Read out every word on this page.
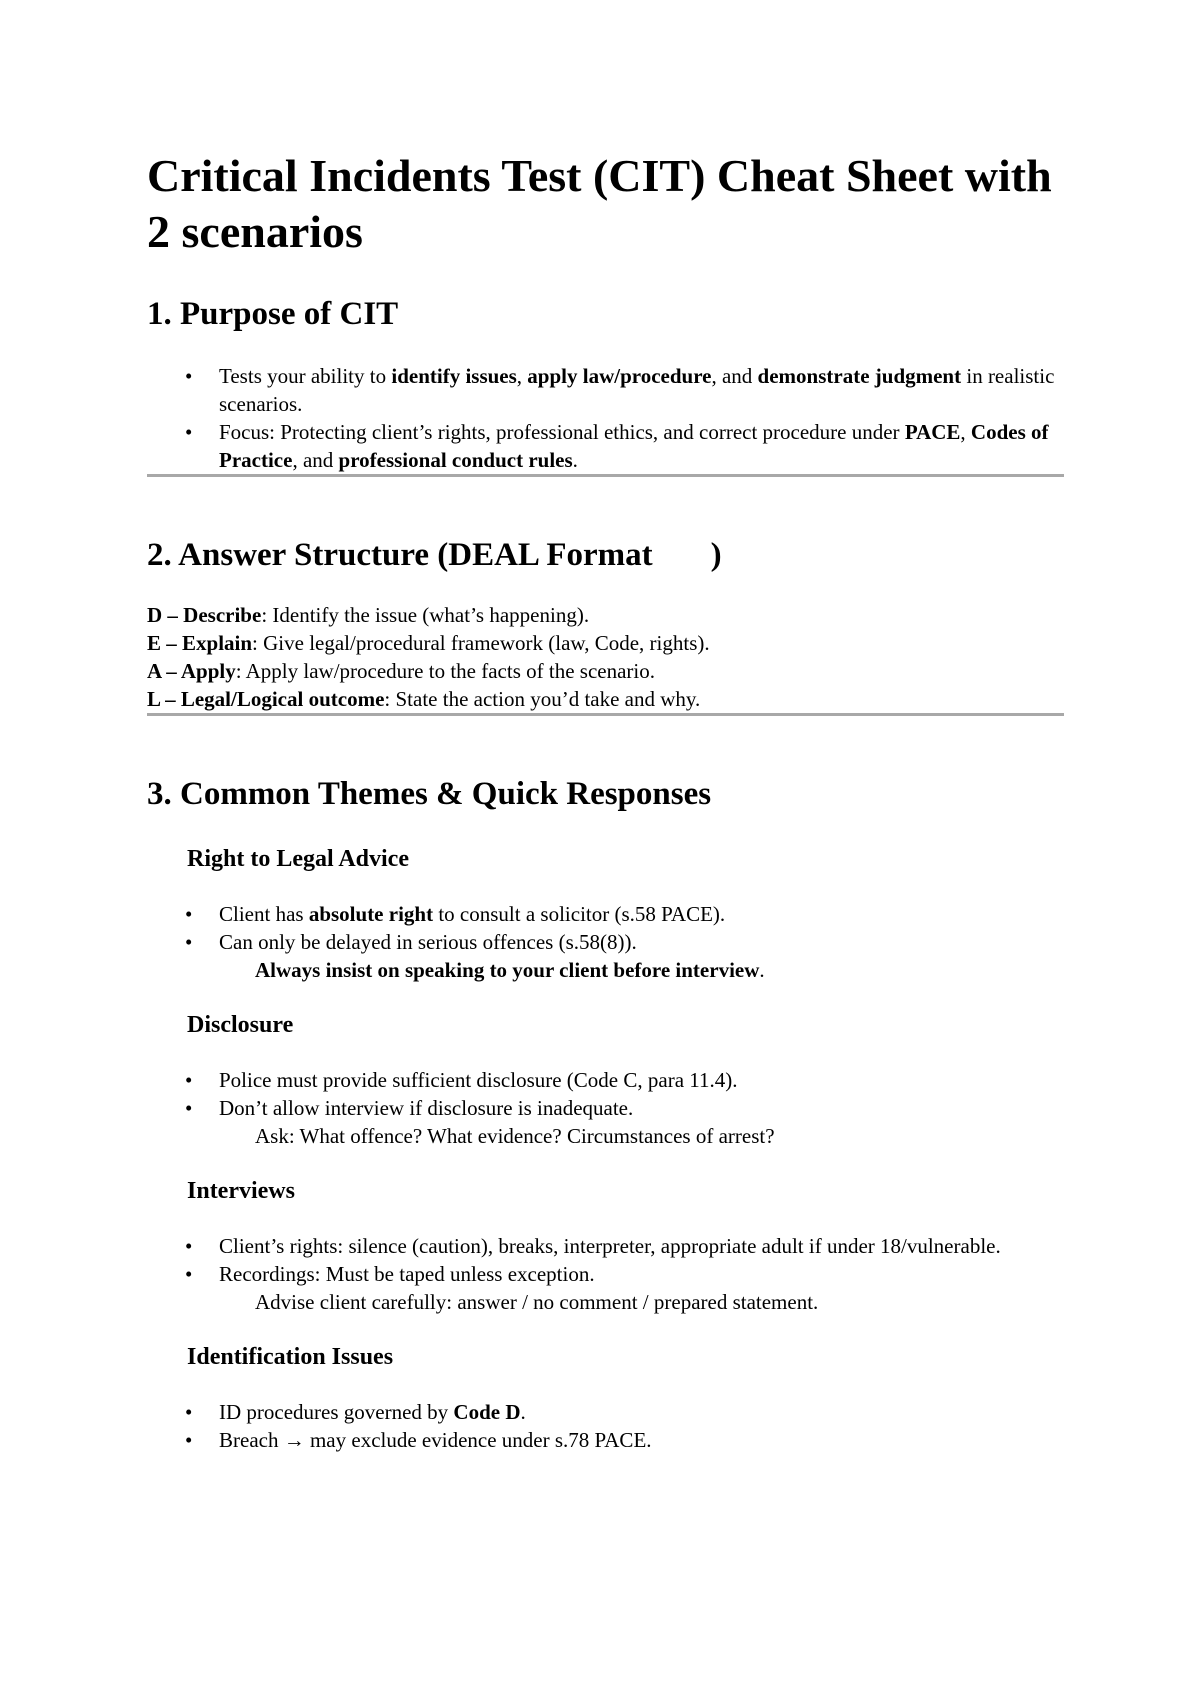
Critical Incidents Test (CIT) Cheat Sheet with 2 scenarios
1. Purpose of CIT
• Tests your ability to identify issues, apply law/procedure, and demonstrate judgment in realistic scenarios.
• Focus: Protecting client’s rights, professional ethics, and correct procedure under PACE, Codes of Practice, and professional conduct rules.
2. Answer Structure (DEAL Format )
D – Describe: Identify the issue (what’s happening).
E – Explain: Give legal/procedural framework (law, Code, rights).
A – Apply: Apply law/procedure to the facts of the scenario.
L – Legal/Logical outcome: State the action you’d take and why.
3. Common Themes & Quick Responses
Right to Legal Advice
• Client has absolute right to consult a solicitor (s.58 PACE).
• Can only be delayed in serious offences (s.58(8)).
Always insist on speaking to your client before interview.
Disclosure
• Police must provide sufficient disclosure (Code C, para 11.4).
• Don’t allow interview if disclosure is inadequate.
Ask: What offence? What evidence? Circumstances of arrest?
Interviews
• Client’s rights: silence (caution), breaks, interpreter, appropriate adult if under 18/vulnerable.
• Recordings: Must be taped unless exception.
Advise client carefully: answer / no comment / prepared statement.
Identification Issues
• ID procedures governed by Code D.
• Breach → may exclude evidence under s.78 PACE.
